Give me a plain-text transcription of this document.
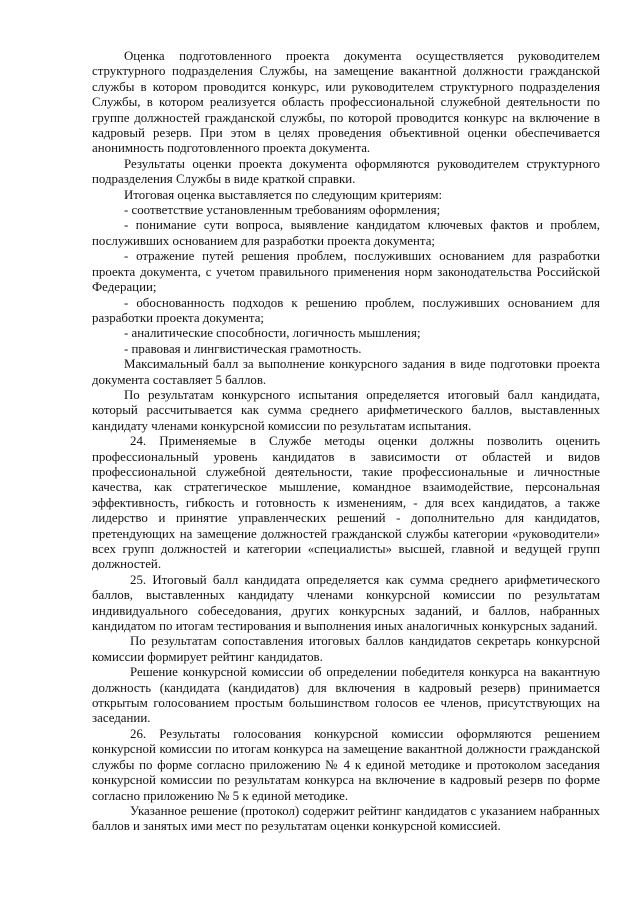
Оценка подготовленного проекта документа осуществляется руководителем структурного подразделения Службы, на замещение вакантной должности гражданской службы в котором проводится конкурс, или руководителем структурного подразделения Службы, в котором реализуется область профессиональной служебной деятельности по группе должностей гражданской службы, по которой проводится конкурс на включение в кадровый резерв. При этом в целях проведения объективной оценки обеспечивается анонимность подготовленного проекта документа.

Результаты оценки проекта документа оформляются руководителем структурного подразделения Службы в виде краткой справки.

Итоговая оценка выставляется по следующим критериям:

- соответствие установленным требованиям оформления;

- понимание сути вопроса, выявление кандидатом ключевых фактов и проблем, послуживших основанием для разработки проекта документа;

- отражение путей решения проблем, послуживших основанием для разработки проекта документа, с учетом правильного применения норм законодательства Российской Федерации;

- обоснованность подходов к решению проблем, послуживших основанием для разработки проекта документа;

- аналитические способности, логичность мышления;

- правовая и лингвистическая грамотность.

Максимальный балл за выполнение конкурсного задания в виде подготовки проекта документа составляет 5 баллов.

По результатам конкурсного испытания определяется итоговый балл кандидата, который рассчитывается как сумма среднего арифметического баллов, выставленных кандидату членами конкурсной комиссии по результатам испытания.

24. Применяемые в Службе методы оценки должны позволить оценить профессиональный уровень кандидатов в зависимости от областей и видов профессиональной служебной деятельности, такие профессиональные и личностные качества, как стратегическое мышление, командное взаимодействие, персональная эффективность, гибкость и готовность к изменениям, - для всех кандидатов, а также лидерство и принятие управленческих решений - дополнительно для кандидатов, претендующих на замещение должностей гражданской службы категории «руководители» всех групп должностей и категории «специалисты» высшей, главной и ведущей групп должностей.

25. Итоговый балл кандидата определяется как сумма среднего арифметического баллов, выставленных кандидату членами конкурсной комиссии по результатам индивидуального собеседования, других конкурсных заданий, и баллов, набранных кандидатом по итогам тестирования и выполнения иных аналогичных конкурсных заданий.

По результатам сопоставления итоговых баллов кандидатов секретарь конкурсной комиссии формирует рейтинг кандидатов.

Решение конкурсной комиссии об определении победителя конкурса на вакантную должность (кандидата (кандидатов) для включения в кадровый резерв) принимается открытым голосованием простым большинством голосов ее членов, присутствующих на заседании.

26. Результаты голосования конкурсной комиссии оформляются решением конкурсной комиссии по итогам конкурса на замещение вакантной должности гражданской службы по форме согласно приложению № 4 к единой методике и протоколом заседания конкурсной комиссии по результатам конкурса на включение в кадровый резерв по форме согласно приложению № 5 к единой методике.

Указанное решение (протокол) содержит рейтинг кандидатов с указанием набранных баллов и занятых ими мест по результатам оценки конкурсной комиссией.
